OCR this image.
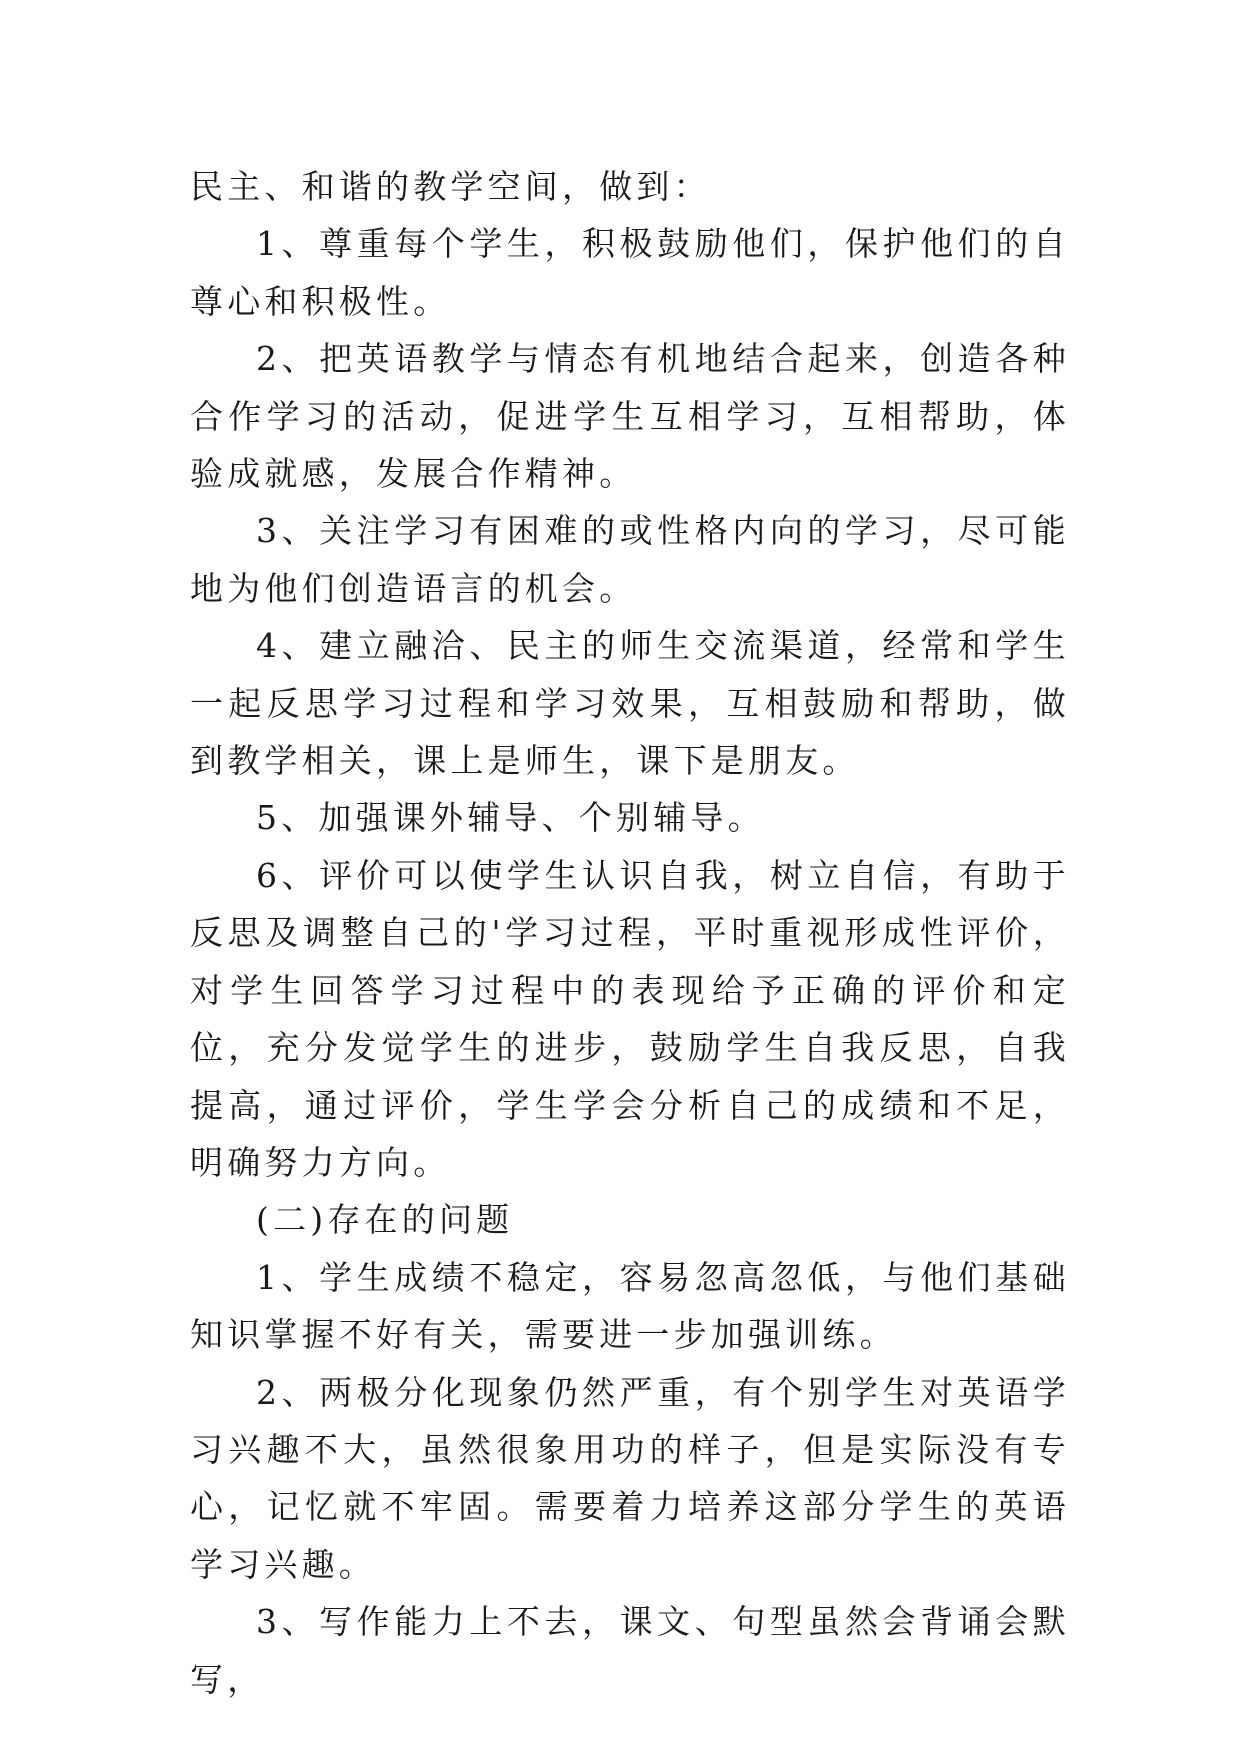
民主、和谐的教学空间，做到：

1、尊重每个学生，积极鼓励他们，保护他们的自尊心和积极性。

2、把英语教学与情态有机地结合起来，创造各种合作学习的活动，促进学生互相学习，互相帮助，体验成就感，发展合作精神。

3、关注学习有困难的或性格内向的学习，尽可能地为他们创造语言的机会。

4、建立融洽、民主的师生交流渠道，经常和学生一起反思学习过程和学习效果，互相鼓励和帮助，做到教学相关，课上是师生，课下是朋友。

5、加强课外辅导、个别辅导。

6、评价可以使学生认识自我，树立自信，有助于反思及调整自己的'学习过程，平时重视形成性评价，对学生回答学习过程中的表现给予正确的评价和定位，充分发觉学生的进步，鼓励学生自我反思，自我提高，通过评价，学生学会分析自己的成绩和不足，明确努力方向。

(二)存在的问题

1、学生成绩不稳定，容易忽高忽低，与他们基础知识掌握不好有关，需要进一步加强训练。

2、两极分化现象仍然严重，有个别学生对英语学习兴趣不大，虽然很象用功的样子，但是实际没有专心，记忆就不牢固。需要着力培养这部分学生的英语学习兴趣。

3、写作能力上不去，课文、句型虽然会背诵会默写，
